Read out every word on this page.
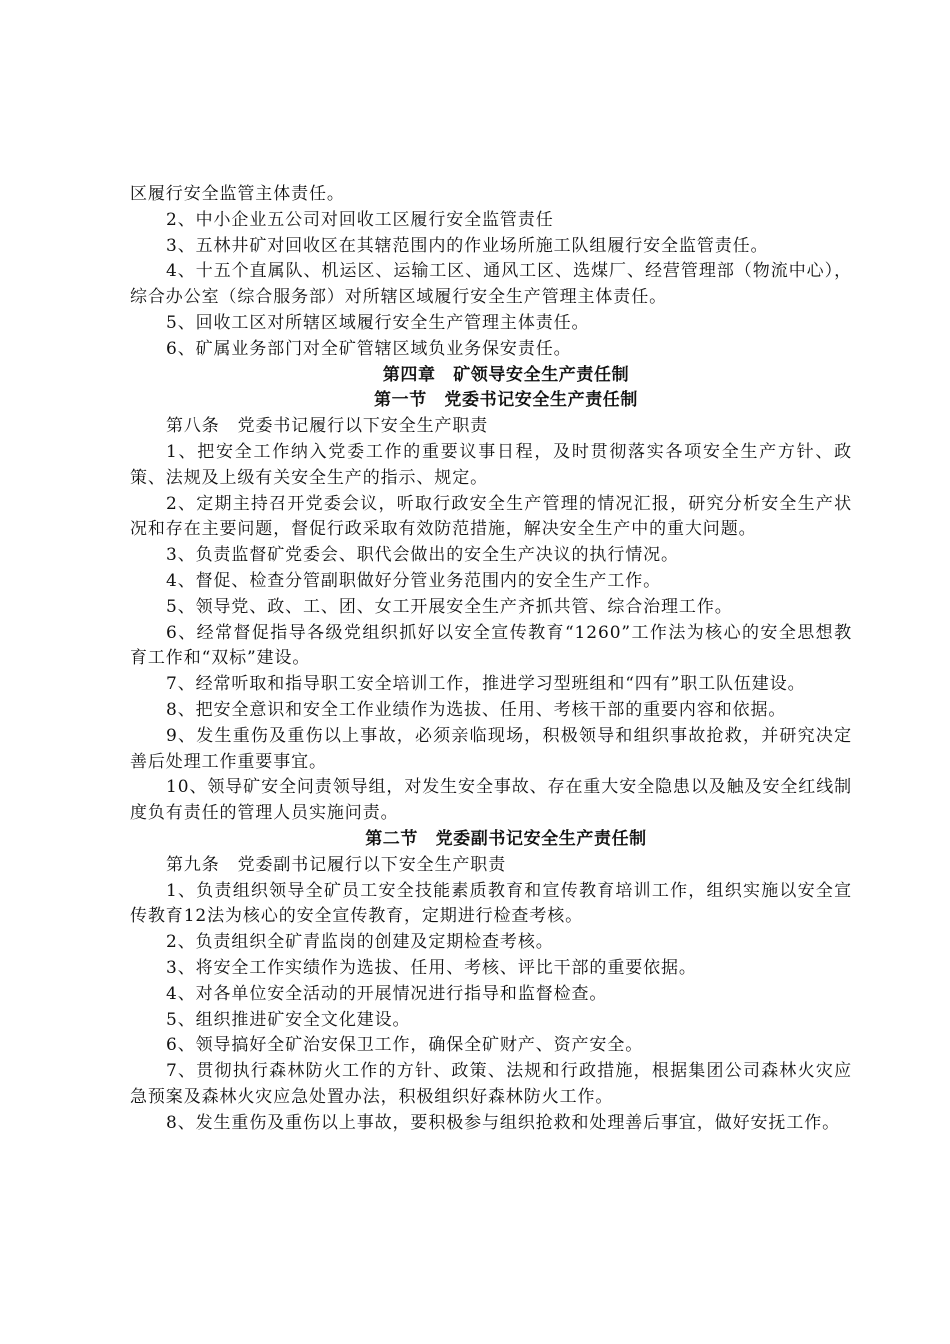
区履行安全监管主体责任。

2、中小企业五公司对回收工区履行安全监管责任

3、五林井矿对回收区在其辖范围内的作业场所施工队组履行安全监管责任。

4、十五个直属队、机运区、运输工区、通风工区、选煤厂、经营管理部（物流中心），综合办公室（综合服务部）对所辖区域履行安全生产管理主体责任。

5、回收工区对所辖区域履行安全生产管理主体责任。

6、矿属业务部门对全矿管辖区域负业务保安责任。

第四章　矿领导安全生产责任制

第一节　党委书记安全生产责任制

第八条　党委书记履行以下安全生产职责

1、把安全工作纳入党委工作的重要议事日程，及时贯彻落实各项安全生产方针、政策、法规及上级有关安全生产的指示、规定。

2、定期主持召开党委会议，听取行政安全生产管理的情况汇报，研究分析安全生产状况和存在主要问题，督促行政采取有效防范措施，解决安全生产中的重大问题。

3、负责监督矿党委会、职代会做出的安全生产决议的执行情况。

4、督促、检查分管副职做好分管业务范围内的安全生产工作。

5、领导党、政、工、团、女工开展安全生产齐抓共管、综合治理工作。

6、经常督促指导各级党组织抓好以安全宣传教育“1260”工作法为核心的安全思想教育工作和“双标”建设。

7、经常听取和指导职工安全培训工作，推进学习型班组和“四有”职工队伍建设。

8、把安全意识和安全工作业绩作为选拔、任用、考核干部的重要内容和依据。

9、发生重伤及重伤以上事故，必须亲临现场，积极领导和组织事故抢救，并研究决定善后处理工作重要事宜。

10、领导矿安全问责领导组，对发生安全事故、存在重大安全隐患以及触及安全红线制度负有责任的管理人员实施问责。

第二节　党委副书记安全生产责任制

第九条　党委副书记履行以下安全生产职责

1、负责组织领导全矿员工安全技能素质教育和宣传教育培训工作，组织实施以安全宣传教育12法为核心的安全宣传教育，定期进行检查考核。

2、负责组织全矿青监岗的创建及定期检查考核。

3、将安全工作实绩作为选拔、任用、考核、评比干部的重要依据。

4、对各单位安全活动的开展情况进行指导和监督检查。

5、组织推进矿安全文化建设。

6、领导搞好全矿治安保卫工作，确保全矿财产、资产安全。

7、贯彻执行森林防火工作的方针、政策、法规和行政措施，根据集团公司森林火灾应急预案及森林火灾应急处置办法，积极组织好森林防火工作。

8、发生重伤及重伤以上事故，要积极参与组织抢救和处理善后事宜，做好安抚工作。
